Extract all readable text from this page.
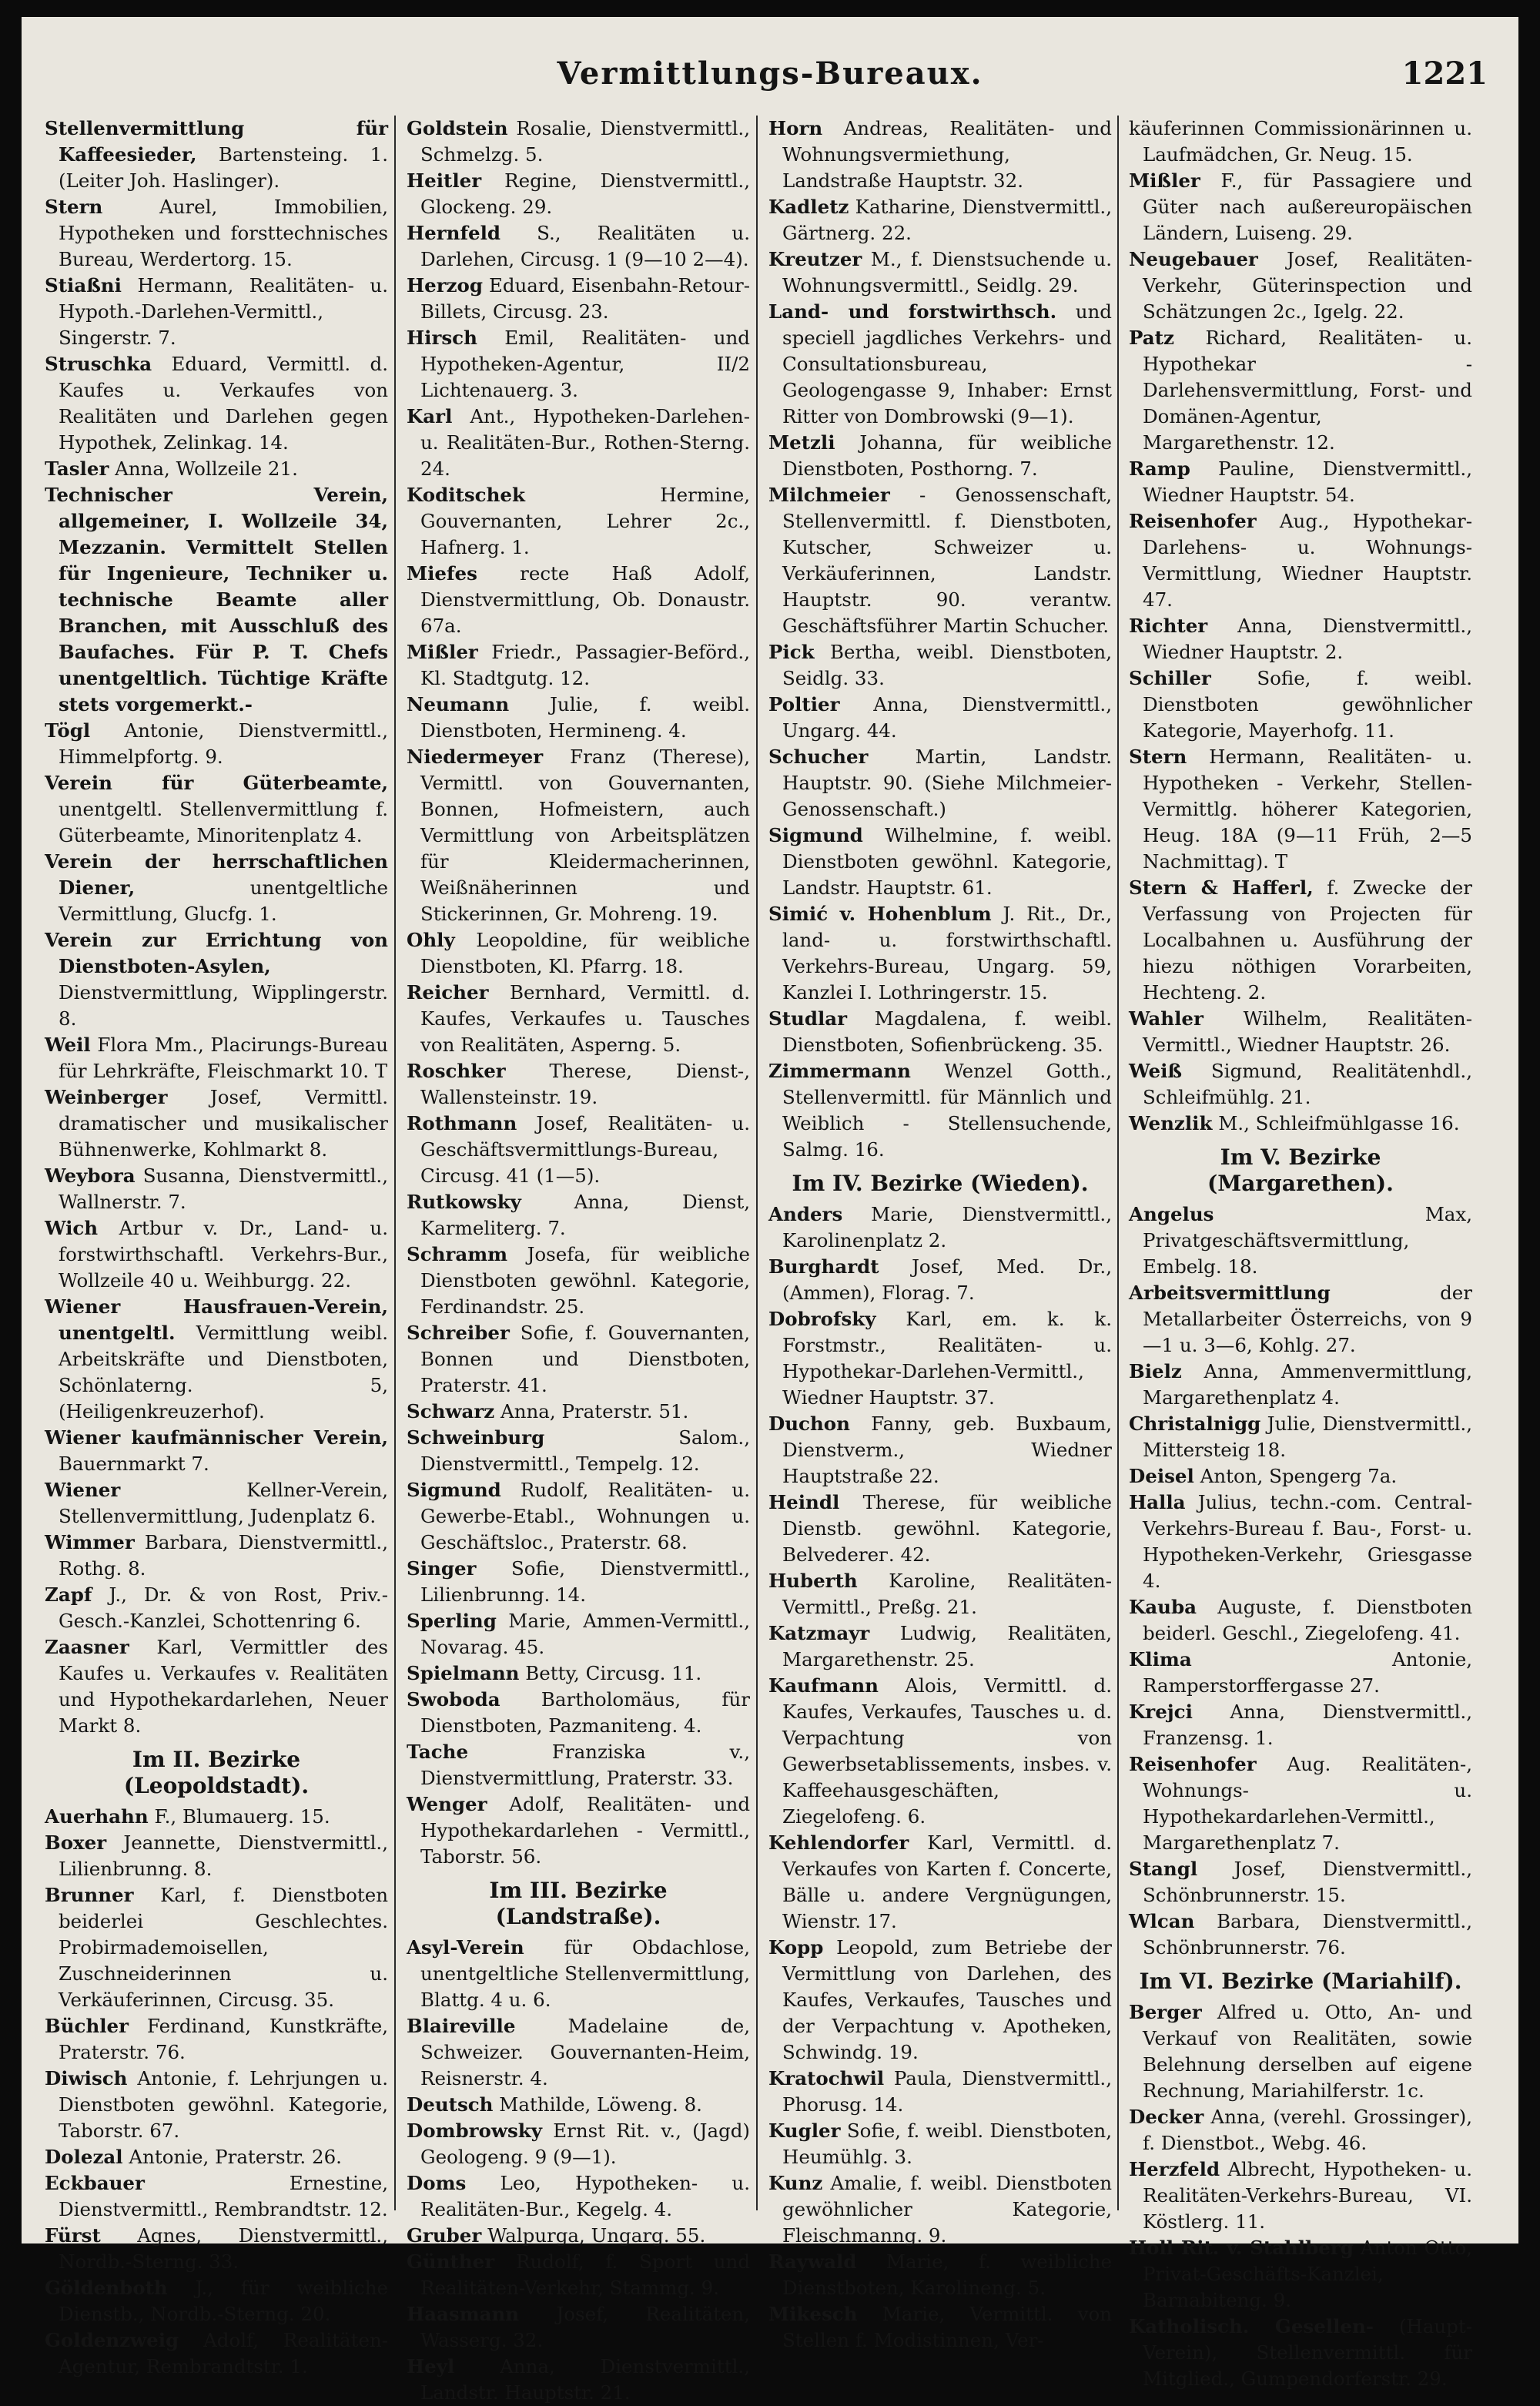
Vermittlungs-Bureaux.	1221

Stellenvermittlung für Kaffeesieder, Bartensteing. 1. (Leiter Joh. Haslinger).

Stern	Aurel, Immobilien, Hypotheken und forsttechnisches Bureau, Werdertorg. 15.

Stiaßni Hermann, Realitäten- u. Hypoth.-Darlehen-Vermittl., Singerstr. 7.

Struschka Eduard, Vermittl. d. Kaufes u. Verkaufes von Realitäten und Darlehen gegen Hypothek, Zelinkag. 14.

Tasler Anna, Wollzeile 21.

Technischer Verein, allgemeiner, I. Wollzeile 34, Mezzanin. Vermittelt Stellen für Ingenieure, Techniker u. technische Beamte aller Branchen, mit Ausschluß des Baufaches. Für P. T. Chefs unentgeltlich. Tüchtige Kräfte stets vorgemerkt.-

Tögl Antonie, Dienstvermittl., Himmelpfortg. 9.

Verein für Güterbeamte, unentgeltl. Stellenvermittlung f. Güterbeamte, Minoritenplatz 4.

Verein der herrschaftlichen Diener,	unentgeltliche Vermittlung, Glucfg. 1.

Verein zur Errichtung von Dienstboten-Asylen, Dienstvermittlung, Wipplingerstr. 8.

Weil Flora Mm., Placirungs-Bureau für Lehrkräfte, Fleischmarkt 10. T

Weinberger Josef, Vermittl. dramatischer und musikalischer Bühnenwerke, Kohlmarkt 8.

Weybora Susanna, Dienstvermittl., Wallnerstr. 7.

Wich Artbur v. Dr., Land- u. forstwirthschaftl. Verkehrs-Bur., Wollzeile 40 u. Weihburgg. 22.

Wiener Hausfrauen-Verein, unentgeltl. Vermittlung weibl. Arbeitskräfte und Dienstboten, Schönlaterng. 5, (Heiligenkreuzerhof).

Wiener kaufmännischer Verein, Bauernmarkt 7.

Wiener	Kellner-Verein, Stellenvermittlung, Judenplatz 6.

Wimmer Barbara, Dienstvermittl., Rothg. 8.

Zapf J., Dr. & von Rost, Priv.-Gesch.-Kanzlei, Schottenring 6.

Zaasner Karl, Vermittler des Kaufes u. Verkaufes v. Realitäten und Hypothekardarlehen, Neuer Markt 8.

Im II. Bezirke (Leopoldstadt).

Auerhahn F., Blumauerg. 15.

Boxer Jeannette, Dienstvermittl., Lilienbrunng. 8.

Brunner Karl, f. Dienstboten beiderlei Geschlechtes. Probirmademoisellen, Zuschneiderinnen u. Verkäuferinnen, Circusg. 35.

Büchler Ferdinand, Kunstkräfte, Praterstr. 76.

Diwisch Antonie, f. Lehrjungen u. Dienstboten gewöhnl. Kategorie, Taborstr. 67.

Dolezal Antonie, Praterstr. 26.

Eckbauer	Ernestine, Dienstvermittl., Rembrandtstr. 12.

Fürst Agnes, Dienstvermittl., Nordb.-Sterng. 33.

Göldenboth J., für weibliche Dienstb., Nordb.-Sterng. 20.

Goldenzweig Adolf, Realitäten-Agentur, Rembrandtstr. 1.

Goldstein Rosalie, Dienstvermittl., Schmelzg. 5.

Heitler Regine, Dienstvermittl., Glockeng. 29.

Hernfeld S., Realitäten u. Darlehen, Circusg. 1 (9—10 2—4).

Herzog Eduard, Eisenbahn-Retour-Billets, Circusg. 23.

Hirsch Emil, Realitäten- und Hypotheken-Agentur, II/2 Lichtenauerg. 3.

Karl Ant., Hypotheken-Darlehen- u. Realitäten-Bur., Rothen-Sterng. 24.

Koditschek	Hermine, Gouvernanten, Lehrer 2c., Hafnerg. 1.

Miefes recte Haß Adolf, Dienstvermittlung, Ob. Donaustr. 67a.

Mißler Friedr., Passagier-Beförd., Kl. Stadtgutg. 12.

Neumann Julie, f. weibl. Dienstboten, Hermineng. 4.

Niedermeyer Franz (Therese), Vermittl. von Gouvernanten, Bonnen, Hofmeistern, auch Vermittlung von Arbeitsplätzen für Kleidermacherinnen, Weißnäherinnen und Stickerinnen, Gr. Mohreng. 19.

Ohly Leopoldine, für weibliche Dienstboten, Kl. Pfarrg. 18.

Reicher Bernhard, Vermittl. d. Kaufes, Verkaufes u. Tausches von Realitäten, Asperng. 5.

Roschker Therese, Dienst-, Wallensteinstr. 19.

Rothmann Josef, Realitäten- u. Geschäftsvermittlungs-Bureau, Circusg. 41 (1—5).

Rutkowsky	Anna, Dienst, Karmeliterg. 7.

Schramm Josefa, für weibliche Dienstboten gewöhnl. Kategorie, Ferdinandstr. 25.

Schreiber Sofie, f. Gouvernanten, Bonnen und Dienstboten, Praterstr. 41.

Schwarz Anna, Praterstr. 51.

Schweinburg	Salom., Dienstvermittl., Tempelg. 12.

Sigmund Rudolf, Realitäten- u. Gewerbe-Etabl., Wohnungen u. Geschäftsloc., Praterstr. 68.

Singer Sofie, Dienstvermittl., Lilienbrunng. 14.

Sperling Marie, Ammen-Vermittl., Novarag. 45.

Spielmann Betty, Circusg. 11.

Swoboda Bartholomäus, für Dienstboten, Pazmaniteng. 4.

Tache	Franziska v., Dienstvermittlung, Praterstr. 33.

Wenger Adolf, Realitäten- und Hypothekardarlehen - Vermittl., Taborstr. 56.

Im III. Bezirke (Landstraße).

Asyl-Verein für Obdachlose, unentgeltliche Stellenvermittlung, Blattg. 4 u. 6.

Blaireville	Madelaine de, Schweizer. Gouvernanten-Heim, Reisnerstr. 4.

Deutsch Mathilde, Löweng. 8.

Dombrowsky Ernst Rit. v., (Jagd) Geologeng. 9 (9—1).

Doms Leo, Hypotheken- u. Realitäten-Bur., Kegelg. 4.

Gruber Walpurga, Ungarg. 55.

Günther Rudolf, f. Sport und Realitäten-Verkehr, Stammg. 9.

Haasmann Josef, Realitäten, Wasserg. 32.

Heyl Anna, Dienstvermittl., Landstr. Hauptstr. 21.

Horn Andreas, Realitäten- und Wohnungsvermiethung, Landstraße Hauptstr. 32.

Kadletz Katharine, Dienstvermittl., Gärtnerg. 22.

Kreutzer M., f. Dienstsuchende u. Wohnungsvermittl., Seidlg. 29.

Land- und forstwirthsch. und speciell jagdliches Verkehrs- und Consultationsbureau, Geologengasse 9, Inhaber: Ernst Ritter von Dombrowski (9—1).

Metzli Johanna, für weibliche Dienstboten, Posthorng. 7.

Milchmeier - Genossenschaft, Stellenvermittl. f. Dienstboten, Kutscher, Schweizer u. Verkäuferinnen, Landstr. Hauptstr. 90. verantw. Geschäftsführer Martin Schucher.

Pick Bertha, weibl. Dienstboten, Seidlg. 33.

Poltier Anna, Dienstvermittl., Ungarg. 44.

Schucher Martin, Landstr. Hauptstr. 90. (Siehe Milchmeier-Genossenschaft.)

Sigmund Wilhelmine, f. weibl. Dienstboten gewöhnl. Kategorie, Landstr. Hauptstr. 61.

Simić v. Hohenblum J. Rit., Dr., land- u. forstwirthschaftl. Verkehrs-Bureau, Ungarg. 59, Kanzlei I. Lothringerstr. 15.

Studlar Magdalena, f. weibl. Dienstboten, Sofienbrückeng. 35.

Zimmermann Wenzel Gotth., Stellenvermittl. für Männlich und Weiblich - Stellensuchende, Salmg. 16.

Im IV. Bezirke (Wieden).

Anders Marie, Dienstvermittl., Karolinenplatz 2.

Burghardt Josef, Med. Dr., (Ammen), Florag. 7.

Dobrofsky Karl, em. k. k. Forstmstr., Realitäten- u. Hypothekar-Darlehen-Vermittl., Wiedner Hauptstr. 37.

Duchon Fanny, geb. Buxbaum, Dienstverm., Wiedner Hauptstraße 22.

Heindl Therese, für weibliche Dienstb. gewöhnl. Kategorie, Belvederег. 42.

Huberth Karoline, Realitäten-Vermittl., Preßg. 21.

Katzmayr Ludwig, Realitäten, Margarethenstr. 25.

Kaufmann Alois, Vermittl. d. Kaufes, Verkaufes, Tausches u. d. Verpachtung von Gewerbsetablissements, insbes. v. Kaffeehausgeschäften, Ziegelofeng. 6.

Kehlendorfer Karl, Vermittl. d. Verkaufes von Karten f. Concerte, Bälle u. andere Vergnügungen, Wienstr. 17.

Kopp Leopold, zum Betriebe der Vermittlung von Darlehen, des Kaufes, Verkaufes, Tausches und der Verpachtung v. Apotheken, Schwindg. 19.

Kratochwil Paula, Dienstvermittl., Phorusg. 14.

Kugler Sofie, f. weibl. Dienstboten, Heumühlg. 3.

Kunz Amalie, f. weibl. Dienstboten gewöhnlicher Kategorie, Fleischmanng. 9.

Raywald Marie, f. weibliche Dienstboten, Karolineng. 5.

Mikesch Marie, Vermittl. von Stellen f. Modistinnen, Ver-

käuferinnen Commissionärinnen u. Laufmädchen, Gr. Neug. 15.

Mißler F., für Passagiere und Güter nach außereuropäischen Ländern, Luiseng. 29.

Neugebauer Josef, Realitäten-Verkehr, Güterinspection und Schätzungen 2c., Igelg. 22.

Patz Richard, Realitäten- u. Hypothekar - Darlehensvermittlung, Forst- und Domänen-Agentur, Margarethenstr. 12.

Ramp Pauline, Dienstvermittl., Wiedner Hauptstr. 54.

Reisenhofer Aug., Hypothekar-Darlehens- u. Wohnungs-Vermittlung, Wiedner Hauptstr. 47.

Richter Anna, Dienstvermittl., Wiedner Hauptstr. 2.

Schiller Sofie, f. weibl. Dienstboten gewöhnlicher Kategorie, Mayerhofg. 11.

Stern Hermann, Realitäten- u. Hypotheken - Verkehr, Stellen-Vermittlg. höherer Kategorien, Heug. 18A (9—11 Früh, 2—5 Nachmittag). T

Stern & Hafferl, f. Zwecke der Verfassung von Projecten für Localbahnen u. Ausführung der hiezu nöthigen Vorarbeiten, Hechteng. 2.

Wahler Wilhelm, Realitäten-Vermittl., Wiedner Hauptstr. 26.

Weiß Sigmund, Realitätenhdl., Schleifmühlg. 21.

Wenzlik M., Schleifmühlgasse 16.

Im V. Bezirke (Margarethen).

Angelus	Max, Privatgeschäftsvermittlung, Embelg. 18.

Arbeitsvermittlung	der Metallarbeiter Österreichs, von 9—1 u. 3—6, Kohlg. 27.

Bielz Anna, Ammenvermittlung, Margarethenplatz 4.

Christalnigg Julie, Dienstvermittl., Mittersteig 18.

Deisel Anton, Spengerg 7a.

Halla Julius, techn.-com. Central-Verkehrs-Bureau f. Bau-, Forst- u. Hypotheken-Verkehr, Griesgasse 4.

Kauba Auguste, f. Dienstboten beiderl. Geschl., Ziegelofeng. 41.

Klima	Antonie, Ramperstorffergasse 27.

Krejci Anna, Dienstvermittl., Franzensg. 1.

Reisenhofer Aug. Realitäten-, Wohnungs- u. Hypothekardarlehen-Vermittl., Margarethenplatz 7.

Stangl Josef, Dienstvermittl., Schönbrunnerstr. 15.

Wlcan Barbara, Dienstvermittl., Schönbrunnerstr. 76.

Im VI. Bezirke (Mariahilf).

Berger Alfred u. Otto, An- und Verkauf von Realitäten, sowie Belehnung derselben auf eigene Rechnung, Mariahilferstr. 1c.

Decker Anna, (verehl. Grossinger), f. Dienstbot., Webg. 46.

Herzfeld Albrecht, Hypotheken- u. Realitäten-Verkehrs-Bureau, VI. Köstlerg. 11.

Holl Rit. v. Stahlberg Anton Otto, Privat-Geschäfts-Kanzlei, Barnabiteng. 9.

Katholisch. Gesellen- (Haupt-Verein), Stellenvermittl. für Mitglied., Gumpendorferstr. 29.
